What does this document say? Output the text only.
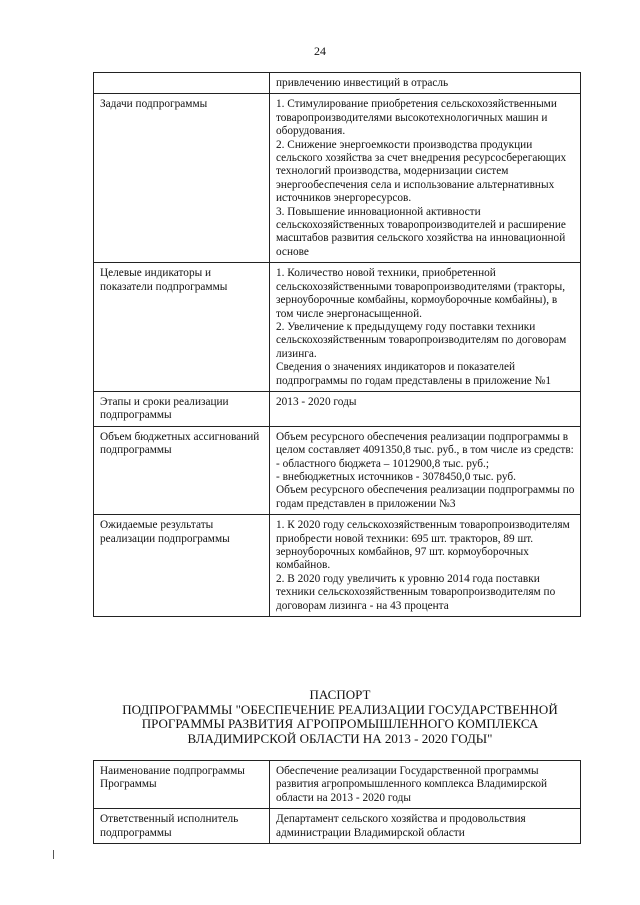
24
	привлечению инвестиций в отрасль
Задачи подпрограммы	1. Стимулирование приобретения сельскохозяйственными товаропроизводителями высокотехнологичных машин и оборудования.
2. Снижение энергоемкости производства продукции сельского хозяйства за счет внедрения ресурсосберегающих технологий производства, модернизации систем энергообеспечения села и использование альтернативных источников энергоресурсов.
3. Повышение инновационной активности сельскохозяйственных товаропроизводителей и расширение масштабов развития сельского хозяйства на инновационной основе
Целевые индикаторы и показатели подпрограммы	1. Количество новой техники, приобретенной сельскохозяйственными товаропроизводителями (тракторы, зерноуборочные комбайны, кормоуборочные комбайны), в том числе энергонасыщенной.
2. Увеличение к предыдущему году поставки техники сельскохозяйственным товаропроизводителям по договорам лизинга.
Сведения о значениях индикаторов и показателей подпрограммы по годам представлены в приложение №1
Этапы и сроки реализации подпрограммы	2013 - 2020 годы
Объем бюджетных ассигнований подпрограммы	Объем ресурсного обеспечения реализации подпрограммы в целом составляет 4091350,8 тыс. руб., в том числе из средств:
- областного бюджета – 1012900,8 тыс. руб.;
- внебюджетных источников - 3078450,0 тыс. руб.
Объем ресурсного обеспечения реализации подпрограммы по годам представлен в приложении №3
Ожидаемые результаты реализации подпрограммы	1. К 2020 году сельскохозяйственным товаропроизводителям приобрести новой техники: 695 шт. тракторов, 89 шт. зерноуборочных комбайнов, 97 шт. кормоуборочных комбайнов.
2. В 2020 году увеличить к уровню 2014 года поставки техники сельскохозяйственным товаропроизводителям по договорам лизинга - на 43 процента
ПАСПОРТ
ПОДПРОГРАММЫ "ОБЕСПЕЧЕНИЕ РЕАЛИЗАЦИИ ГОСУДАРСТВЕННОЙ
ПРОГРАММЫ РАЗВИТИЯ АГРОПРОМЫШЛЕННОГО КОМПЛЕКСА
ВЛАДИМИРСКОЙ ОБЛАСТИ НА 2013 - 2020 ГОДЫ"
Наименование подпрограммы Программы	Обеспечение реализации Государственной программы развития агропромышленного комплекса Владимирской области на 2013 - 2020 годы
Ответственный исполнитель подпрограммы	Департамент сельского хозяйства и продовольствия администрации Владимирской области
